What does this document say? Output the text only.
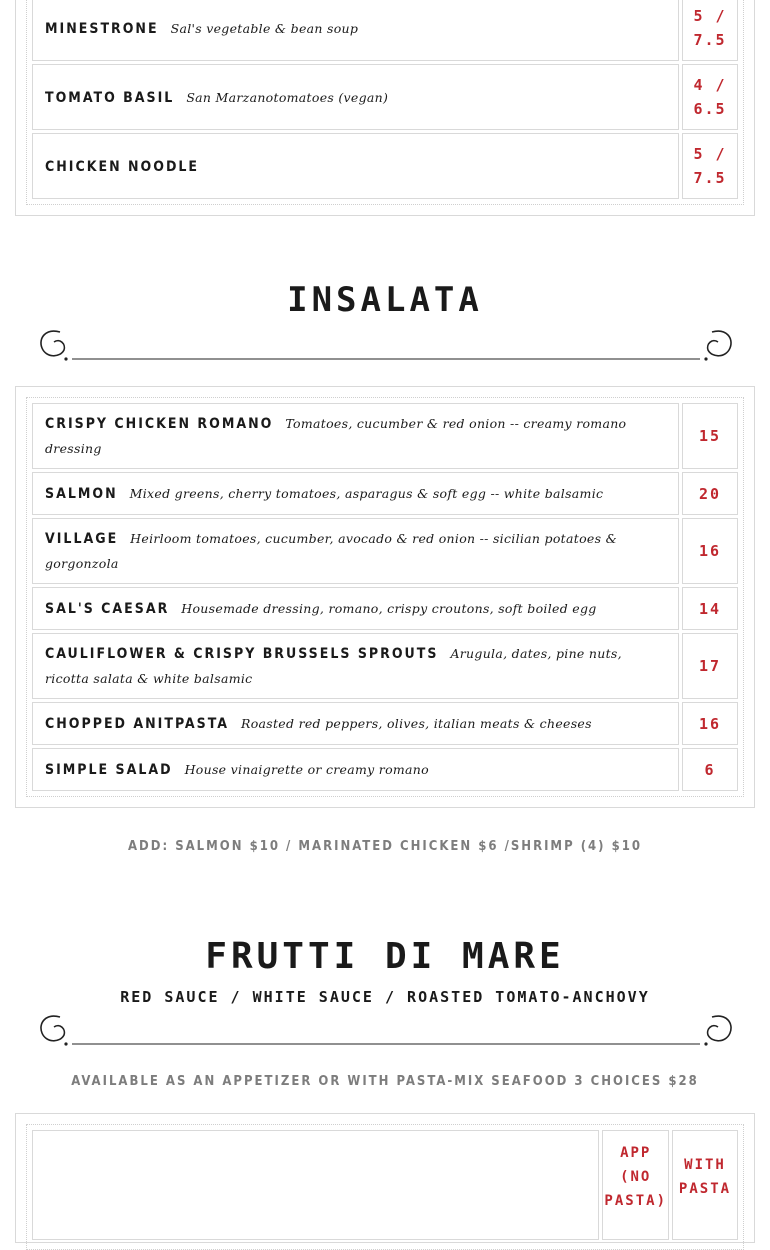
MINESTRONE Sal's vegetable & bean soup	5 / 7.5
TOMATO BASIL San Marzanotomatoes (vegan)	4 / 6.5
CHICKEN NOODLE	5 / 7.5
INSALATA
CRISPY CHICKEN ROMANO Tomatoes, cucumber & red onion -- creamy romano dressing	15
SALMON Mixed greens, cherry tomatoes, asparagus & soft egg -- white balsamic	20
VILLAGE Heirloom tomatoes, cucumber, avocado & red onion -- sicilian potatoes & gorgonzola	16
SAL'S CAESAR Housemade dressing, romano, crispy croutons, soft boiled egg	14
CAULIFLOWER & CRISPY BRUSSELS SPROUTS Arugula, dates, pine nuts, ricotta salata & white balsamic	17
CHOPPED ANITPASTA Roasted red peppers, olives, italian meats & cheeses	16
SIMPLE SALAD House vinaigrette or creamy romano	6
ADD: SALMON $10 / MARINATED CHICKEN $6 /SHRIMP (4) $10
FRUTTI DI MARE
RED SAUCE / WHITE SAUCE / ROASTED TOMATO-ANCHOVY
AVAILABLE AS AN APPETIZER OR WITH PASTA-MIX SEAFOOD 3 CHOICES $28
	APP (NO PASTA)	WITH PASTA
